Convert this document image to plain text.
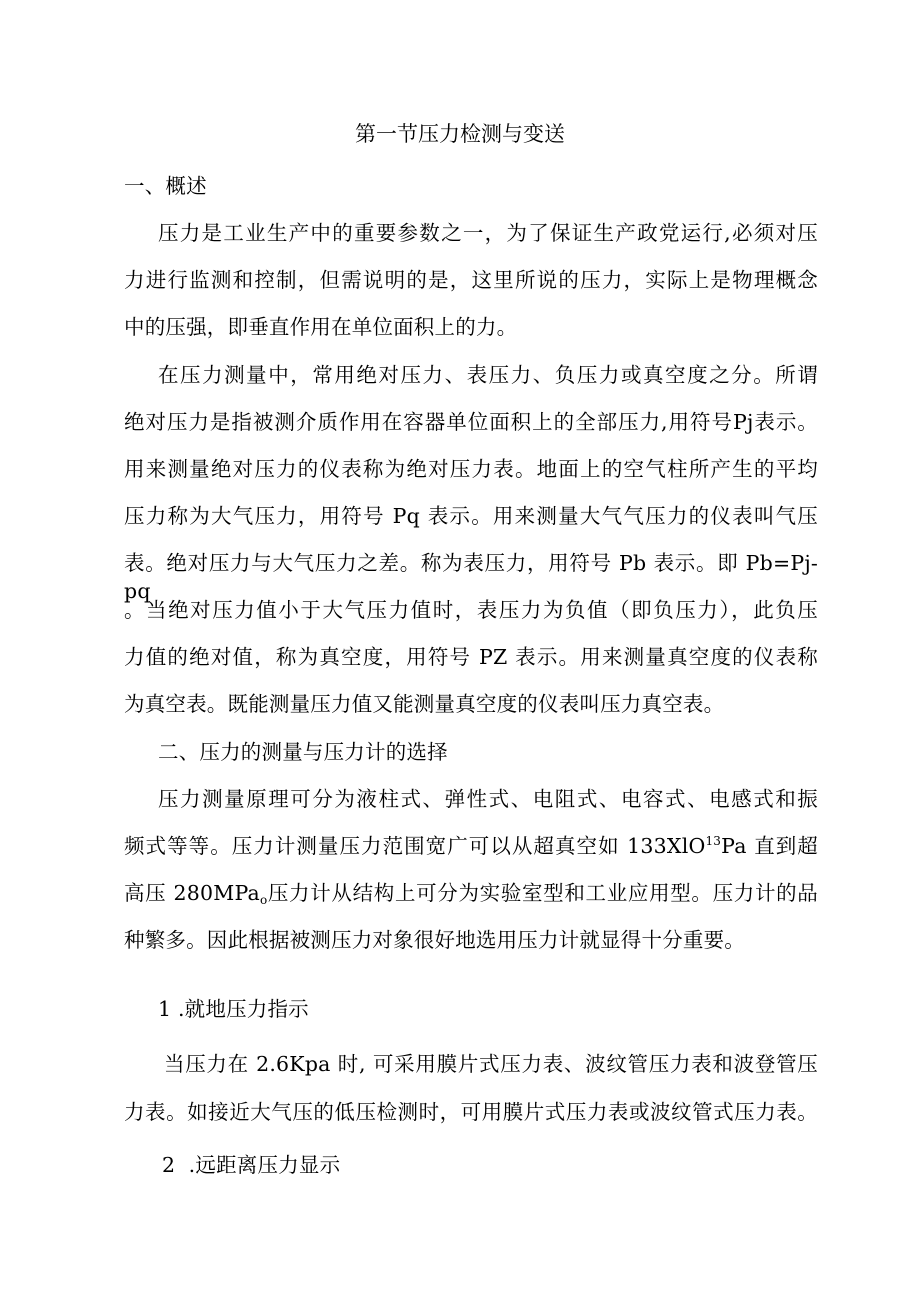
第一节压力检测与变送
一、概述
压力是工业生产中的重要参数之一，为了保证生产政党运行,必须对压
力进行监测和控制，但需说明的是，这里所说的压力，实际上是物理概念
中的压强，即垂直作用在单位面积上的力。
在压力测量中，常用绝对压力、表压力、负压力或真空度之分。所谓
绝对压力是指被测介质作用在容器单位面积上的全部压力,用符号Pj表示。
用来测量绝对压力的仪表称为绝对压力表。地面上的空气柱所产生的平均
压力称为大气压力，用符号 Pq 表示。用来测量大气气压力的仪表叫气压
表。绝对压力与大气压力之差。称为表压力，用符号 Pb 表示。即 Pb=Pj-pq
。当绝对压力值小于大气压力值时，表压力为负值（即负压力），此负压
力值的绝对值，称为真空度，用符号 PZ 表示。用来测量真空度的仪表称
为真空表。既能测量压力值又能测量真空度的仪表叫压力真空表。
二、压力的测量与压力计的选择
压力测量原理可分为液柱式、弹性式、电阻式、电容式、电感式和振
频式等等。压力计测量压力范围宽广可以从超真空如 133XlO$^{13}$Pa 直到超
高压 280MPa$_o$压力计从结构上可分为实验室型和工业应用型。压力计的品
种繁多。因此根据被测压力对象很好地选用压力计就显得十分重要。
1 .就地压力指示
当压力在 2.6Kpa 时, 可采用膜片式压力表、波纹管压力表和波登管压
力表。如接近大气压的低压检测时，可用膜片式压力表或波纹管式压力表。
2  .远距离压力显示
